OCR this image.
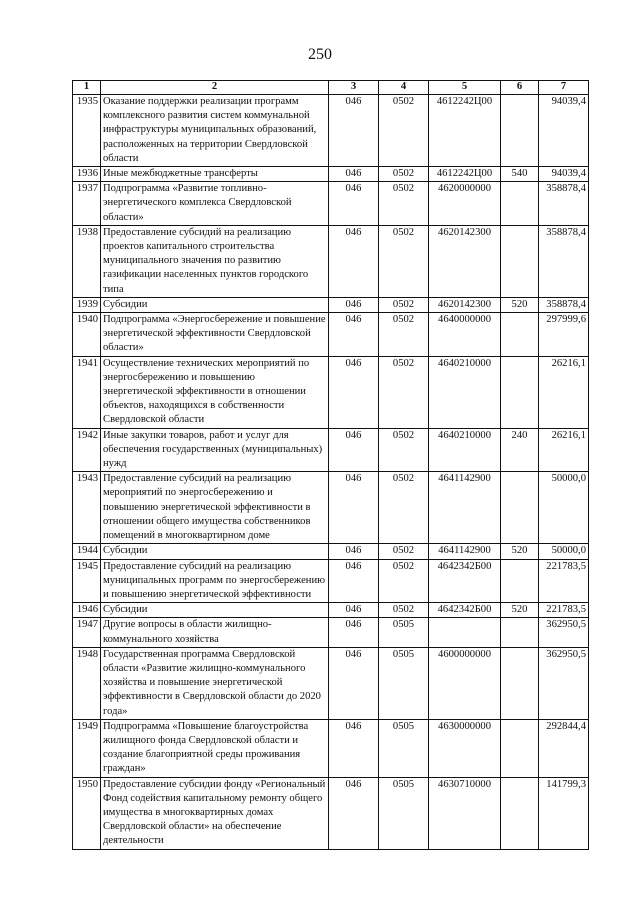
250
1	2	3	4	5	6	7
1935	Оказание поддержки реализации программ комплексного развития систем коммунальной инфраструктуры муниципальных образований, расположенных на территории Свердловской области	046	0502	4612242Ц00		94039,4
1936	Иные межбюджетные трансферты	046	0502	4612242Ц00	540	94039,4
1937	Подпрограмма «Развитие топливно-энергетического комплекса Свердловской области»	046	0502	4620000000		358878,4
1938	Предоставление субсидий на реализацию проектов капитального строительства муниципального значения по развитию газификации населенных пунктов городского типа	046	0502	4620142300		358878,4
1939	Субсидии	046	0502	4620142300	520	358878,4
1940	Подпрограмма «Энергосбережение и повышение энергетической эффективности Свердловской области»	046	0502	4640000000		297999,6
1941	Осуществление технических мероприятий по энергосбережению и повышению энергетической эффективности в отношении объектов, находящихся в собственности Свердловской области	046	0502	4640210000		26216,1
1942	Иные закупки товаров, работ и услуг для обеспечения государственных (муниципальных) нужд	046	0502	4640210000	240	26216,1
1943	Предоставление субсидий на реализацию мероприятий по энергосбережению и повышению энергетической эффективности в отношении общего имущества собственников помещений в многоквартирном доме	046	0502	4641142900		50000,0
1944	Субсидии	046	0502	4641142900	520	50000,0
1945	Предоставление субсидий на реализацию муниципальных программ по энергосбережению и повышению энергетической эффективности	046	0502	4642342Б00		221783,5
1946	Субсидии	046	0502	4642342Б00	520	221783,5
1947	Другие вопросы в области жилищно-коммунального хозяйства	046	0505			362950,5
1948	Государственная программа Свердловской области «Развитие жилищно-коммунального хозяйства и повышение энергетической эффективности в Свердловской области до 2020 года»	046	0505	4600000000		362950,5
1949	Подпрограмма «Повышение благоустройства жилищного фонда Свердловской области и создание благоприятной среды проживания граждан»	046	0505	4630000000		292844,4
1950	Предоставление субсидии фонду «Региональный Фонд содействия капитальному ремонту общего имущества в многоквартирных домах Свердловской области» на обеспечение деятельности	046	0505	4630710000		141799,3
